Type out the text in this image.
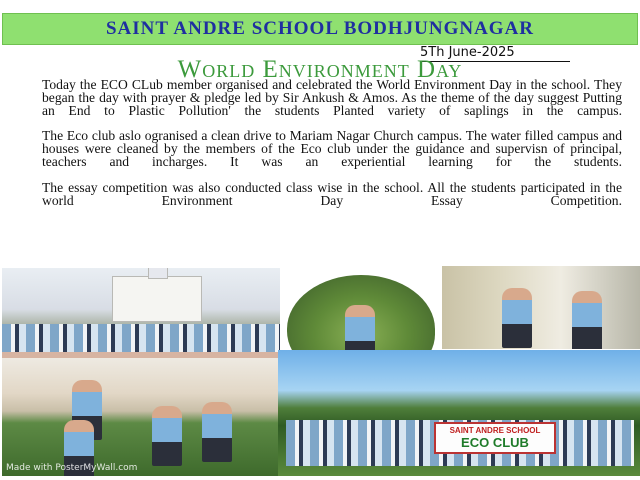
SAINT ANDRE SCHOOL BODHJUNGNAGAR
5Th June-2025
World Environment Day

Today the ECO CLub member organised and celebrated the World Environment Day in the school. They began the day with prayer & pledge led by Sir Ankush & Amos. As the theme of the day suggest Putting an End to Plastic Pollution' the students Planted variety of saplings in the campus.

The Eco club aslo ogranised a clean drive to Mariam Nagar Church campus. The water filled campus and houses were cleaned by the members of the Eco club under the guidance and supervisn of principal, teachers and incharges. It was an experiential learning for the students.

The essay competition was also conducted class wise in the school. All the students participated in the world Environment Day Essay Competition.

SAINT ANDRE SCHOOL
ECO CLUB
Made with PosterMyWall.com
